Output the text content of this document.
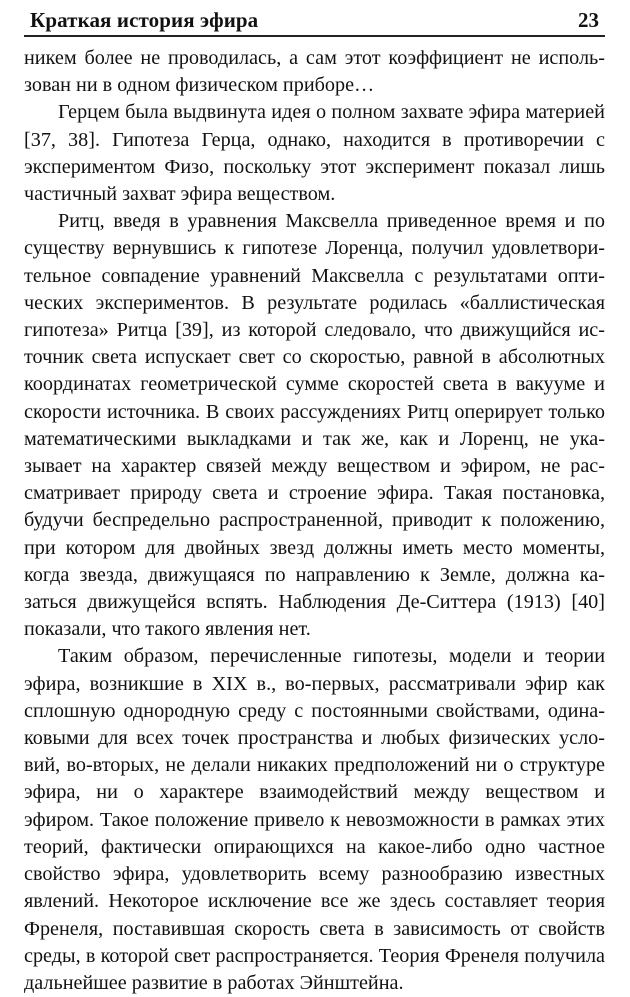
Краткая история эфира	23

никем более не проводилась, а сам этот коэффициент не использован ни в одном физическом приборе…

Герцем была выдвинута идея о полном захвате эфира материей [37, 38]. Гипотеза Герца, однако, находится в противоречии с экспериментом Физо, поскольку этот эксперимент показал лишь частичный захват эфира веществом.

Ритц, введя в уравнения Максвелла приведенное время и по существу вернувшись к гипотезе Лоренца, получил удовлетворительное совпадение уравнений Максвелла с результатами оптических экспериментов. В результате родилась «баллистическая гипотеза» Ритца [39], из которой следовало, что движущийся источник света испускает свет со скоростью, равной в абсолютных координатах геометрической сумме скоростей света в вакууме и скорости источника. В своих рассуждениях Ритц оперирует только математическими выкладками и так же, как и Лоренц, не указывает на характер связей между веществом и эфиром, не рассматривает природу света и строение эфира. Такая постановка, будучи беспредельно распространенной, приводит к положению, при котором для двойных звезд должны иметь место моменты, когда звезда, движущаяся по направлению к Земле, должна казаться движущейся вспять. Наблюдения Де-Ситтера (1913) [40] показали, что такого явления нет.

Таким образом, перечисленные гипотезы, модели и теории эфира, возникшие в XIX в., во-первых, рассматривали эфир как сплошную однородную среду с постоянными свойствами, одинаковыми для всех точек пространства и любых физических условий, во-вторых, не делали никаких предположений ни о структуре эфира, ни о характере взаимодействий между веществом и эфиром. Такое положение привело к невозможности в рамках этих теорий, фактически опирающихся на какое-либо одно частное свойство эфира, удовлетворить всему разнообразию известных явлений. Некоторое исключение все же здесь составляет теория Френеля, поставившая скорость света в зависимость от свойств среды, в которой свет распространяется. Теория Френеля получила дальнейшее развитие в работах Эйнштейна.
